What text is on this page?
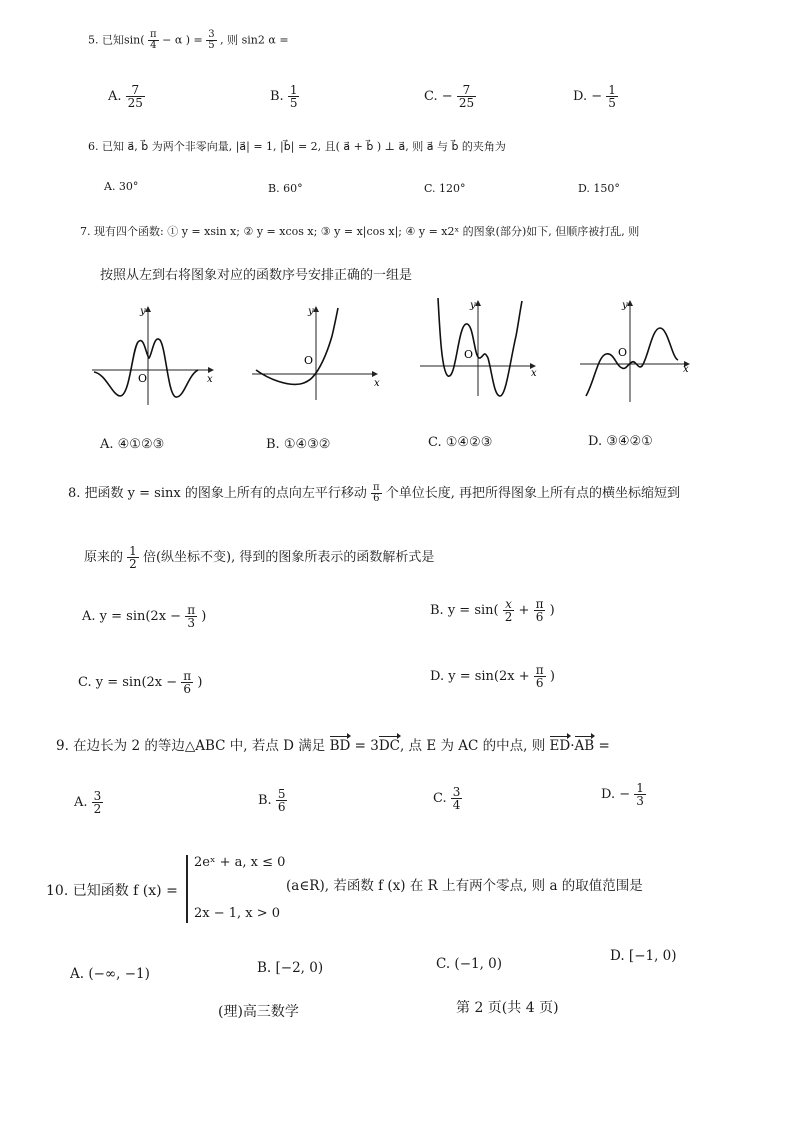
5. 已知$\sin( \frac{\pi}{4} - \alpha$ ) = $\frac{3}{5}$ , 则 sin2 α =
A. $\frac{7}{25}$	B. $\frac{1}{5}$	C. − $\frac{7}{25}$	D. − $\frac{1}{5}$
6. 已知 a⃗, b⃗ 为两个非零向量, |a⃗| = 1, |b⃗| = 2, 且( a⃗ + b⃗ ) ⊥ a⃗, 则 a⃗ 与 b⃗ 的夹角为
A. 30°	B. 60°	C. 120°	D. 150°
7. 现有四个函数: ① y = xsin x; ② y = xcos x; ③ y = x|cos x|; ④ y = x2ˣ 的图象(部分)如下, 但顺序被打乱, 则
按照从左到右将图象对应的函数序号安排正确的一组是
x
y
O	x
y
O
x
y
O
x
y
O
A. ④①②③	B. ①④③②	C. ①④②③	D. ③④②①
8. 把函数 y = sinx 的图象上所有的点向左平行移动 $\frac{\pi}{6}$ 个单位长度, 再把所得图象上所有点的横坐标缩短到
原来的 $\frac{1}{2}$ 倍(纵坐标不变), 得到的图象所表示的函数解析式是
A. $y = \sin(2x - \frac{\pi}{3}$ )	B. $y = \sin( \frac{x}{2} + \frac{\pi}{6}$ )
C. $y = \sin(2x - \frac{\pi}{6}$ )	D. $y = \sin(2x + \frac{\pi}{6}$ )
9. 在边长为 2 的等边△ABC 中, 若点 D 满足 BD = 3DC, 点 E 为 AC 的中点, 则 ED·AB =
A. $\frac{3}{2}$	B. $\frac{5}{6}$	C. $\frac{3}{4}$	D. − $\frac{1}{3}$
10. 已知函数 f (x) =
2eˣ + a, x ≤ 0
2x − 1, x > 0
(a∈R), 若函数 f (x) 在 R 上有两个零点, 则 a 的取值范围是
A. (−∞, −1)	B. [−2, 0)	C. (−1, 0)	D. [−1, 0)
(理)高三数学	第 2 页(共 4 页)
